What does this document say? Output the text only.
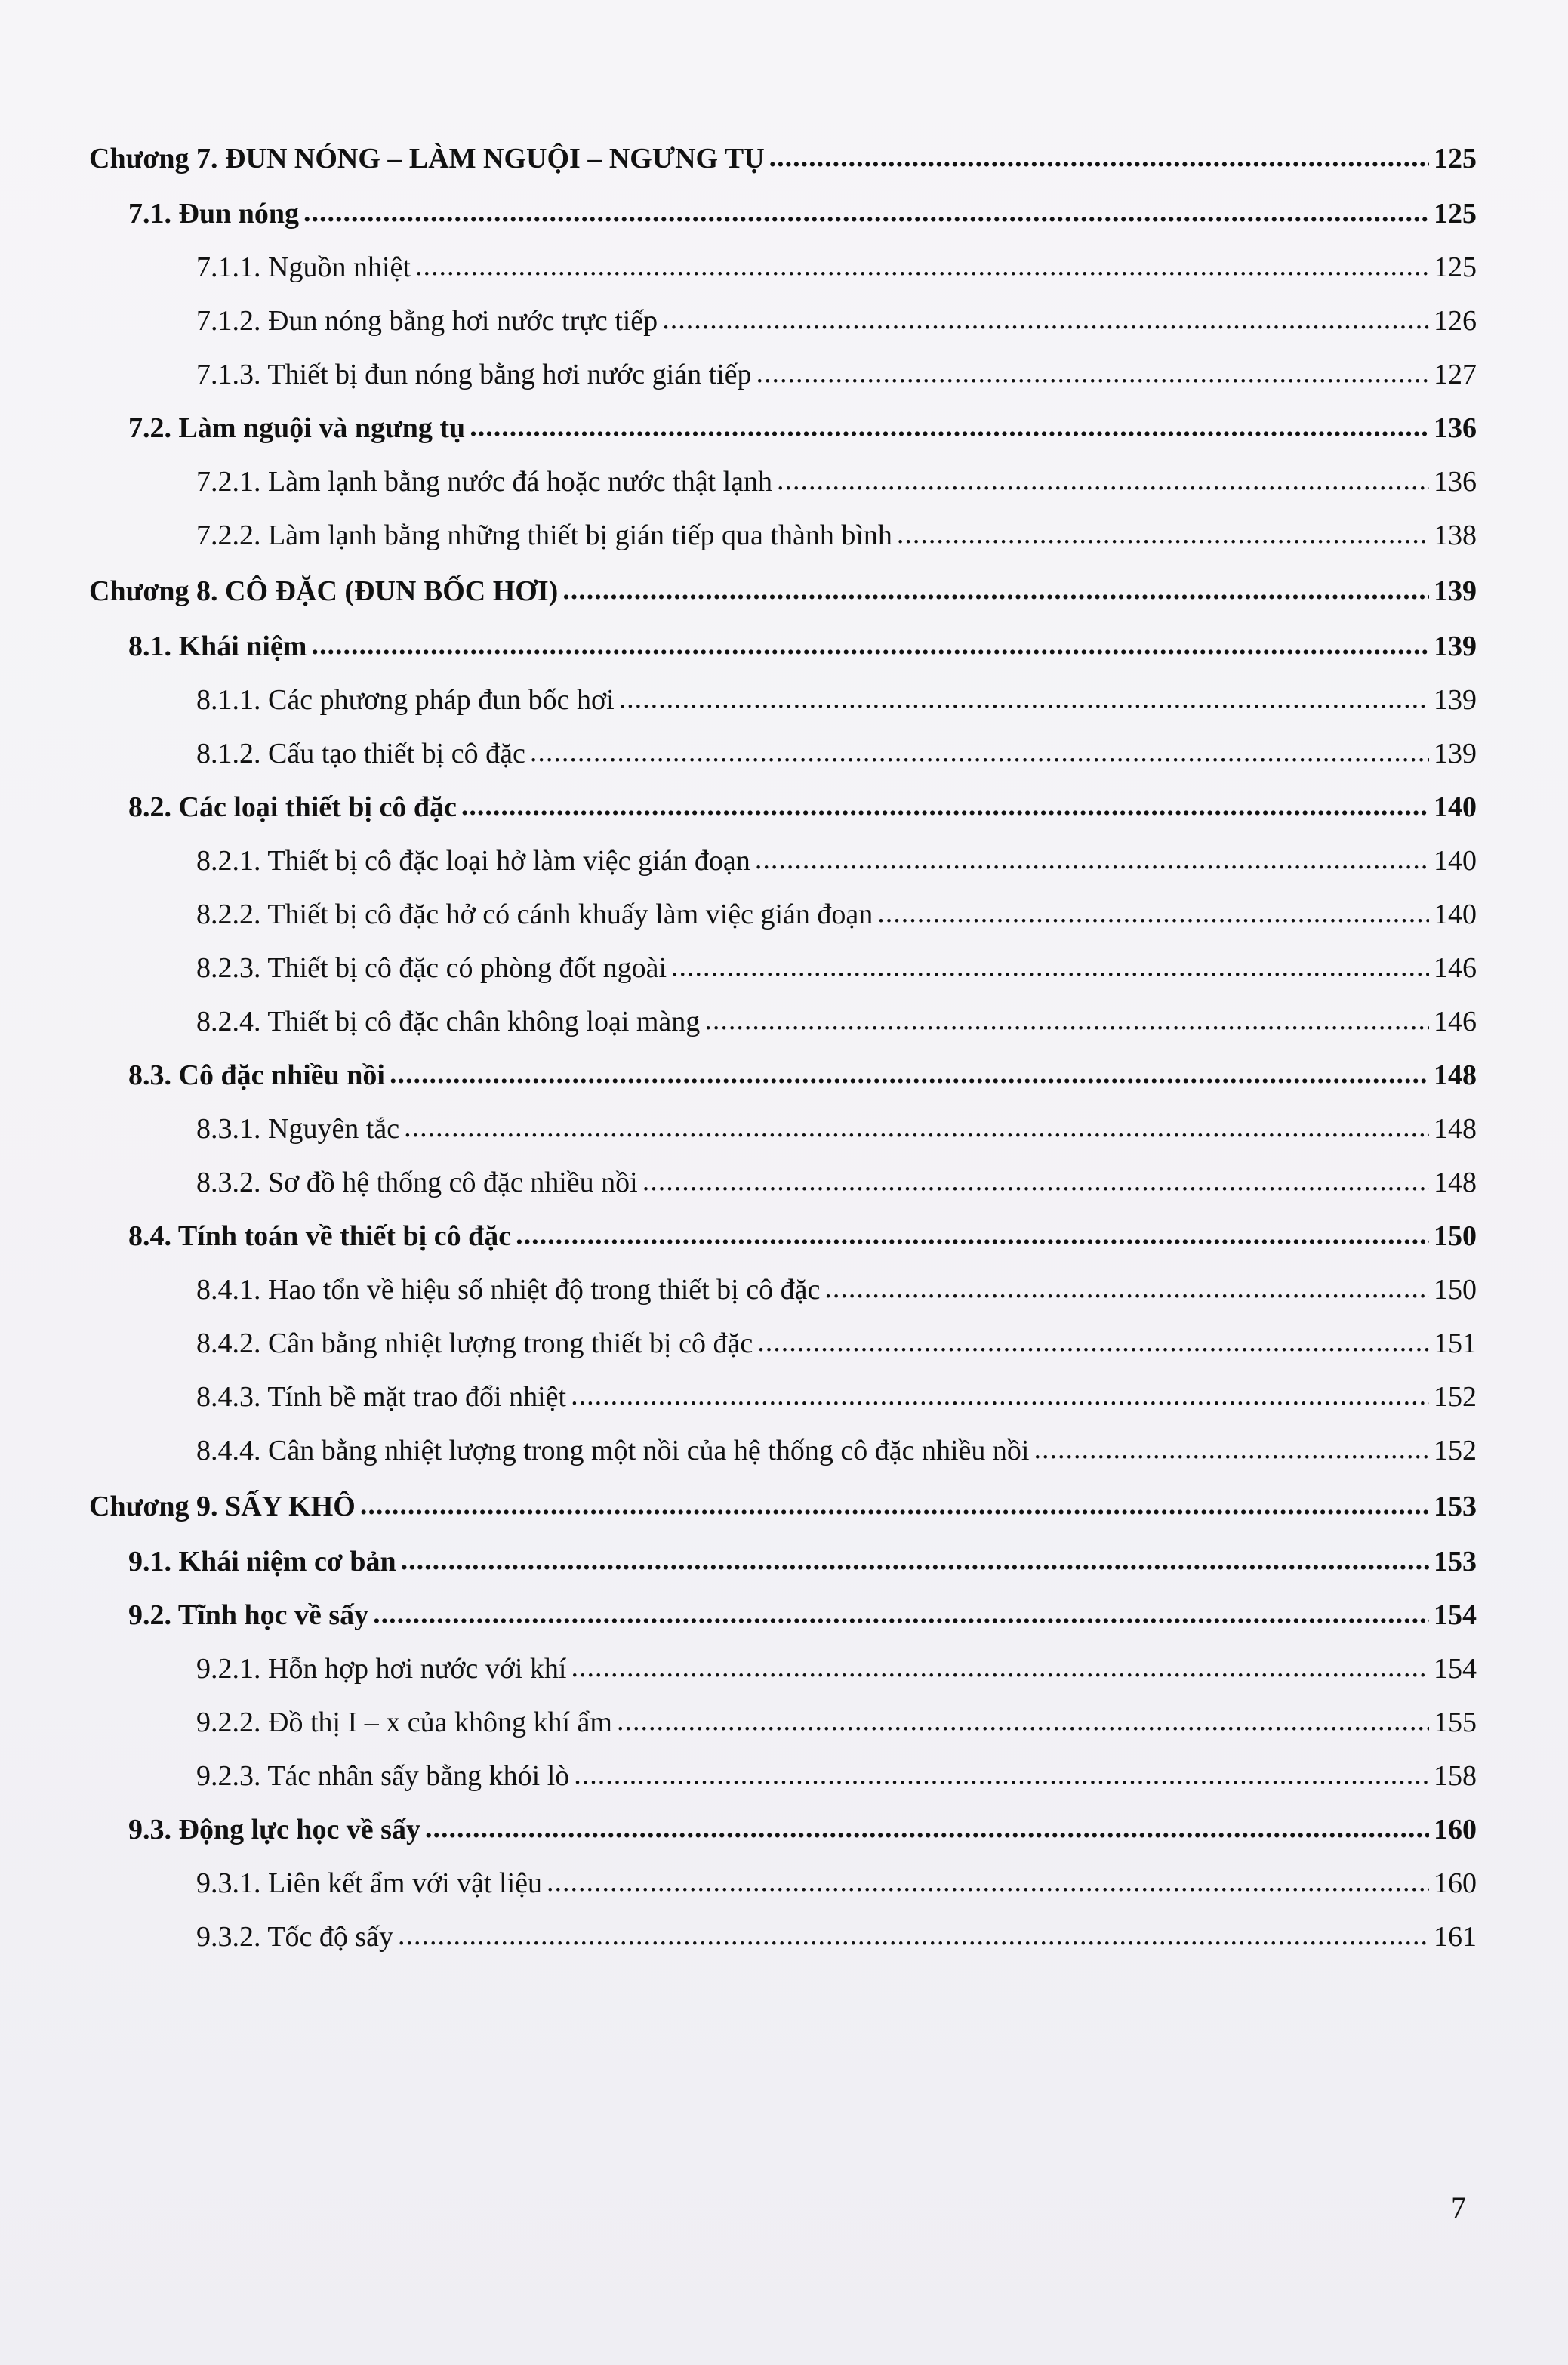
Chương 7. ĐUN NÓNG – LÀM NGUỘI – NGƯNG TỤ .....	125
7.1. Đun nóng .....	125
7.1.1. Nguồn nhiệt .....	125
7.1.2. Đun nóng bằng hơi nước trực tiếp .....	126
7.1.3. Thiết bị đun nóng bằng hơi nước gián tiếp .....	127
7.2. Làm nguội và ngưng tụ .....	136
7.2.1. Làm lạnh bằng nước đá hoặc nước thật lạnh .....	136
7.2.2. Làm lạnh bằng những thiết bị gián tiếp qua thành bình .....	138
Chương 8. CÔ ĐẶC (ĐUN BỐC HƠI) .....	139
8.1. Khái niệm .....	139
8.1.1. Các phương pháp đun bốc hơi .....	139
8.1.2. Cấu tạo thiết bị cô đặc .....	139
8.2. Các loại thiết bị cô đặc .....	140
8.2.1. Thiết bị cô đặc loại hở làm việc gián đoạn .....	140
8.2.2. Thiết bị cô đặc hở có cánh khuấy làm việc gián đoạn .....	140
8.2.3. Thiết bị cô đặc có phòng đốt ngoài .....	146
8.2.4. Thiết bị cô đặc chân không loại màng .....	146
8.3. Cô đặc nhiều nồi .....	148
8.3.1. Nguyên tắc .....	148
8.3.2. Sơ đồ hệ thống cô đặc nhiều nồi .....	148
8.4. Tính toán về thiết bị cô đặc .....	150
8.4.1. Hao tổn về hiệu số nhiệt độ trong thiết bị cô đặc .....	150
8.4.2. Cân bằng nhiệt lượng trong thiết bị cô đặc .....	151
8.4.3. Tính bề mặt trao đổi nhiệt .....	152
8.4.4. Cân bằng nhiệt lượng trong một nồi của hệ thống cô đặc nhiều nồi .....	152
Chương 9. SẤY KHÔ .....	153
9.1. Khái niệm cơ bản .....	153
9.2. Tĩnh học về sấy .....	154
9.2.1. Hỗn hợp hơi nước với khí .....	154
9.2.2. Đồ thị I – x của không khí ẩm .....	155
9.2.3. Tác nhân sấy bằng khói lò .....	158
9.3. Động lực học về sấy .....	160
9.3.1. Liên kết ẩm với vật liệu .....	160
9.3.2. Tốc độ sấy .....	161
7
